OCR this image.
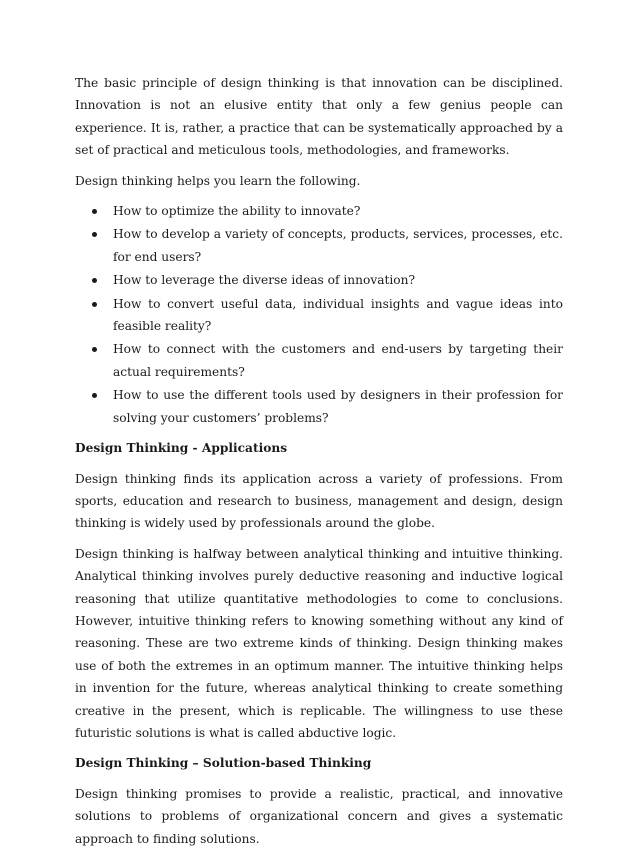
The basic principle of design thinking is that innovation can be disciplined. Innovation is not an elusive entity that only a few genius people can experience. It is, rather, a practice that can be systematically approached by a set of practical and meticulous tools, methodologies, and frameworks.

Design thinking helps you learn the following.

How to optimize the ability to innovate?
How to develop a variety of concepts, products, services, processes, etc. for end users?
How to leverage the diverse ideas of innovation?
How to convert useful data, individual insights and vague ideas into feasible reality?
How to connect with the customers and end-users by targeting their actual requirements?
How to use the different tools used by designers in their profession for solving your customers’ problems?
Design Thinking - Applications

Design thinking finds its application across a variety of professions. From sports, education and research to business, management and design, design thinking is widely used by professionals around the globe.

Design thinking is halfway between analytical thinking and intuitive thinking. Analytical thinking involves purely deductive reasoning and inductive logical reasoning that utilize quantitative methodologies to come to conclusions. However, intuitive thinking refers to knowing something without any kind of reasoning. These are two extreme kinds of thinking. Design thinking makes use of both the extremes in an optimum manner. The intuitive thinking helps in invention for the future, whereas analytical thinking to create something creative in the present, which is replicable. The willingness to use these futuristic solutions is what is called abductive logic.

Design Thinking – Solution-based Thinking

Design thinking promises to provide a realistic, practical, and innovative solutions to problems of organizational concern and gives a systematic approach to finding solutions.
